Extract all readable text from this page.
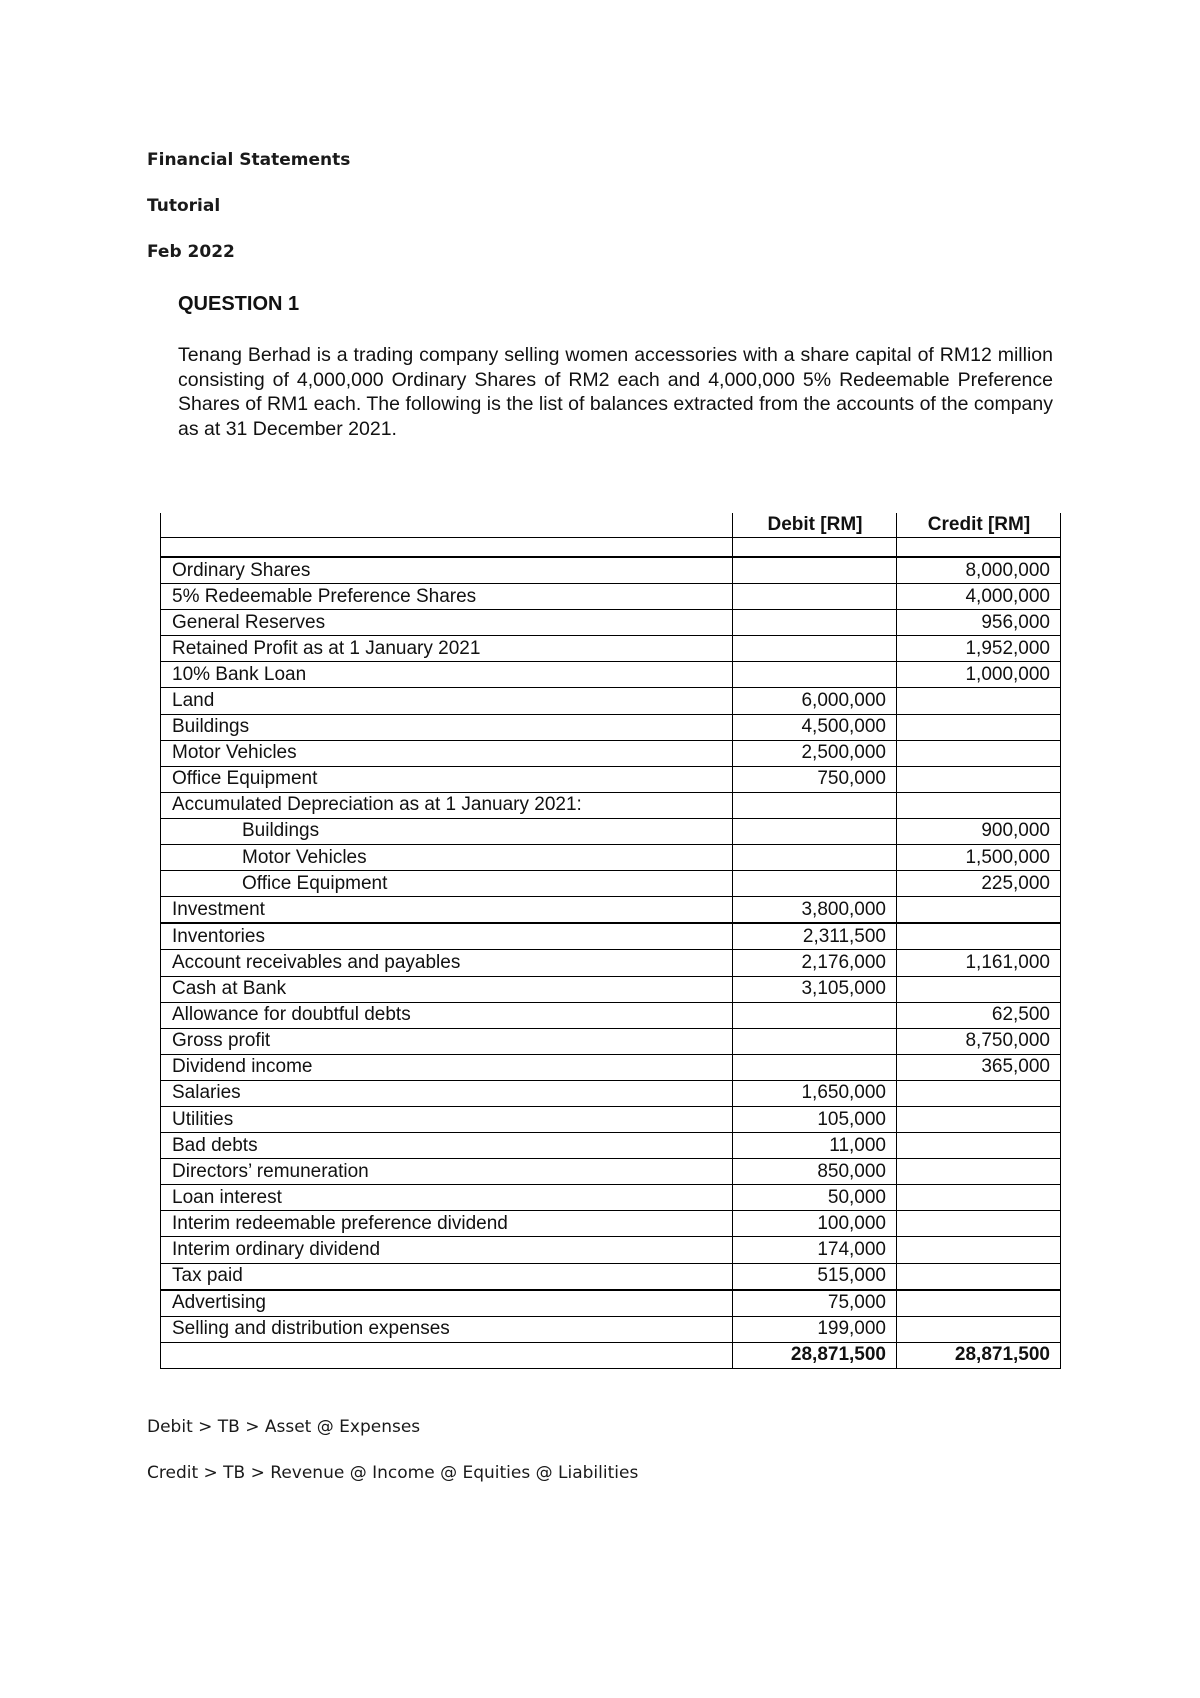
Financial Statements
Tutorial
Feb 2022
QUESTION 1
Tenang Berhad is a trading company selling women accessories with a share capital of RM12 million consisting of 4,000,000 Ordinary Shares of RM2 each and 4,000,000 5% Redeemable Preference Shares of RM1 each. The following is the list of balances extracted from the accounts of the company as at 31 December 2021.
	Debit [RM]	Credit [RM]

Ordinary Shares		8,000,000
5% Redeemable Preference Shares		4,000,000
General Reserves		956,000
Retained Profit as at 1 January 2021		1,952,000
10% Bank Loan		1,000,000
Land	6,000,000	
Buildings	4,500,000	
Motor Vehicles	2,500,000	
Office Equipment	750,000	
Accumulated Depreciation as at 1 January 2021:		
Buildings		900,000
Motor Vehicles		1,500,000
Office Equipment		225,000
Investment	3,800,000	
Inventories	2,311,500	
Account receivables and payables	2,176,000	1,161,000
Cash at Bank	3,105,000	
Allowance for doubtful debts		62,500
Gross profit		8,750,000
Dividend income		365,000
Salaries	1,650,000	
Utilities	105,000	
Bad debts	11,000	
Directors’ remuneration	850,000	
Loan interest	50,000	
Interim redeemable preference dividend	100,000	
Interim ordinary dividend	174,000	
Tax paid	515,000	
Advertising	75,000	
Selling and distribution expenses	199,000	
	28,871,500	28,871,500
Debit > TB > Asset @ Expenses
Credit > TB > Revenue @ Income @ Equities @ Liabilities
